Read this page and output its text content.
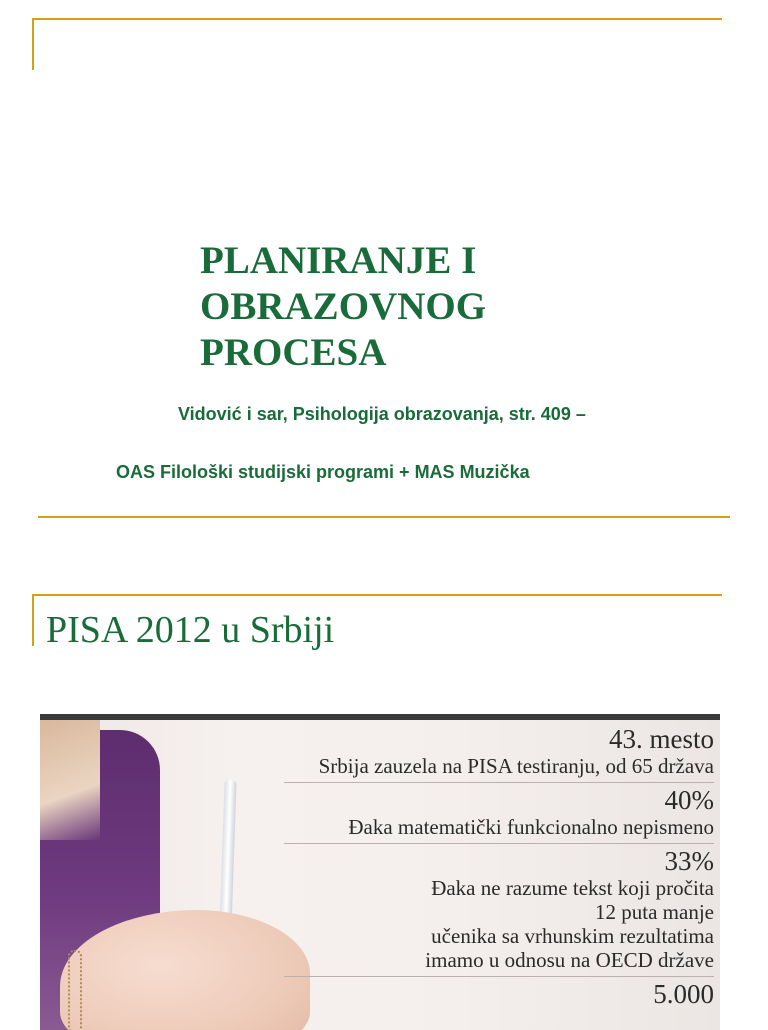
PLANIRANJE I
OBRAZOVNOG
PROCESA

Vidović i sar, Psihologija obrazovanja, str. 409 –

OAS Filološki studijski programi + MAS Muzička

PISA 2012 u Srbiji

43. mesto

Srbija zauzela na PISA testiranju, od 65 država

40%

Đaka matematički funkcionalno nepismeno

33%

Đaka ne razume tekst koji pročita

12 puta manje

učenika sa vrhunskim rezultatima

imamo u odnosu na OECD države

5.000
